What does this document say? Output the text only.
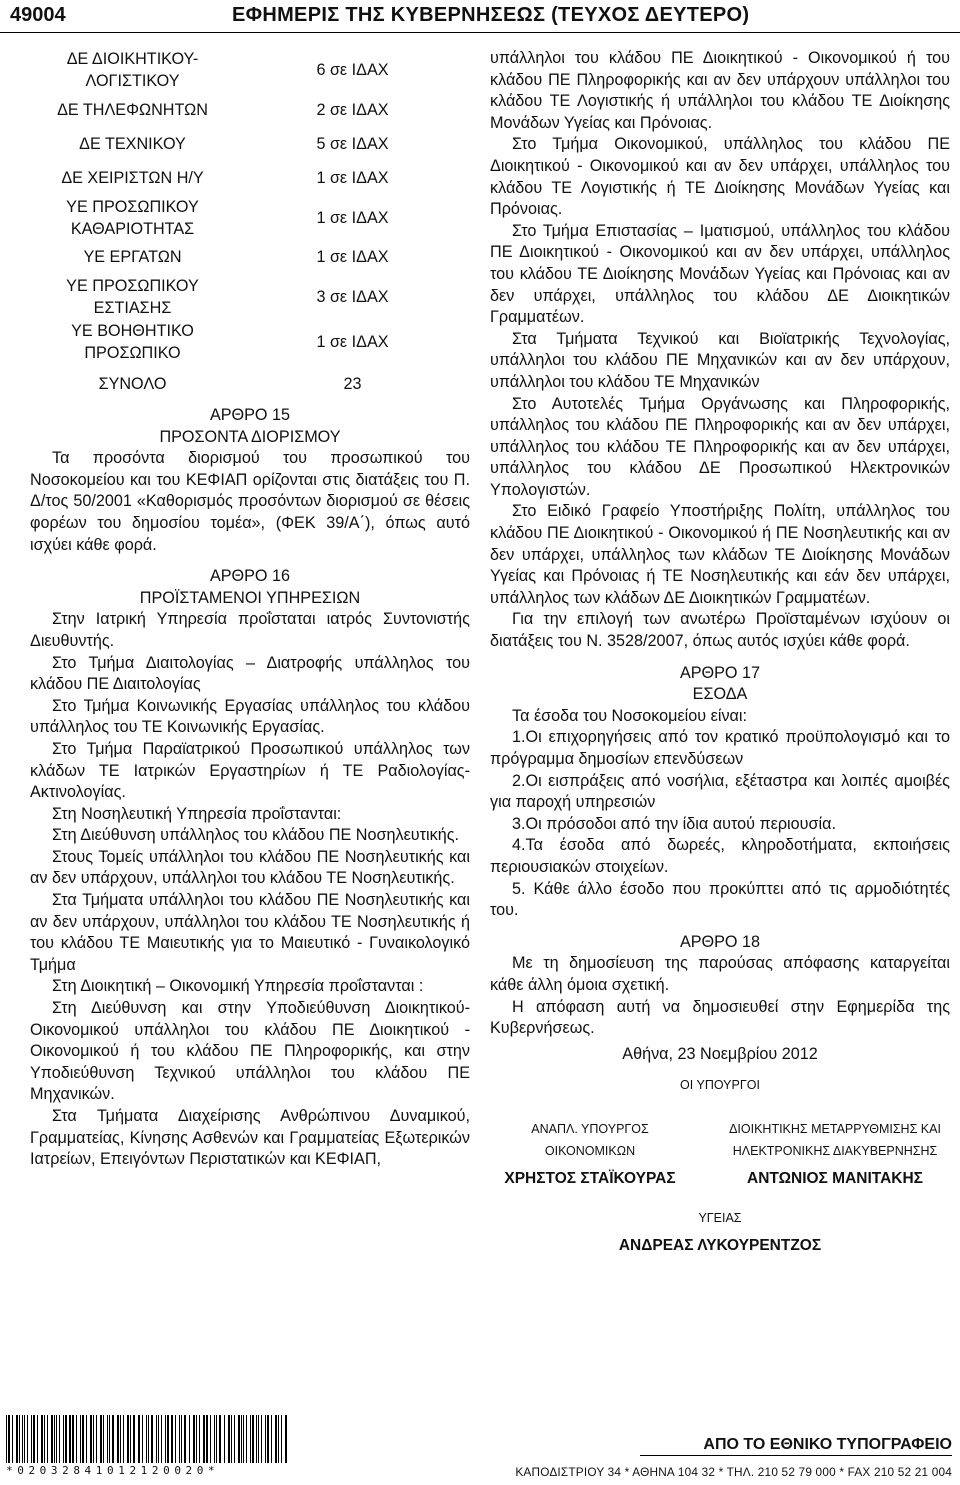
49004	ΕΦΗΜΕΡΙΣ ΤΗΣ ΚΥΒΕΡΝΗΣΕΩΣ (ΤΕΥΧΟΣ ΔΕΥΤΕΡΟ)
ΔΕ ΔΙΟΙΚΗΤΙΚΟΥ-ΛΟΓΙΣΤΙΚΟΥ	6 σε ΙΔΑΧ
ΔΕ ΤΗΛΕΦΩΝΗΤΩΝ	2 σε ΙΔΑΧ
ΔΕ ΤΕΧΝΙΚΟΥ	5 σε ΙΔΑΧ
ΔΕ ΧΕΙΡΙΣΤΩΝ Η/Υ	1 σε ΙΔΑΧ
ΥΕ ΠΡΟΣΩΠΙΚΟΥ ΚΑΘΑΡΙΟΤΗΤΑΣ	1 σε ΙΔΑΧ
ΥΕ ΕΡΓΑΤΩΝ	1 σε ΙΔΑΧ
ΥΕ ΠΡΟΣΩΠΙΚΟΥ ΕΣΤΙΑΣΗΣ	3 σε ΙΔΑΧ
ΥΕ ΒΟΗΘΗΤΙΚΟ ΠΡΟΣΩΠΙΚΟ	1 σε ΙΔΑΧ
ΣΥΝΟΛΟ	23
ΑΡΘΡΟ 15
ΠΡΟΣΟΝΤΑ ΔΙΟΡΙΣΜΟΥ

Τα προσόντα διορισμού του προσωπικού του Νοσοκομείου και του ΚΕΦΙΑΠ ορίζονται στις διατάξεις του Π. Δ/τος 50/2001 «Καθορισμός προσόντων διορισμού σε θέσεις φορέων του δημοσίου τομέα», (ΦΕΚ 39/Α΄), όπως αυτό ισχύει κάθε φορά.

ΑΡΘΡΟ 16
ΠΡΟΪΣΤΑΜΕΝΟΙ ΥΠΗΡΕΣΙΩΝ

Στην Ιατρική Υπηρεσία προΐσταται ιατρός Συντονιστής Διευθυντής.

Στο Τμήμα Διαιτολογίας – Διατροφής υπάλληλος του κλάδου ΠΕ Διαιτολογίας

Στο Τμήμα Κοινωνικής Εργασίας υπάλληλος του κλάδου υπάλληλος του ΤΕ Κοινωνικής Εργασίας.

Στο Τμήμα Παραϊατρικού Προσωπικού υπάλληλος των κλάδων ΤΕ Ιατρικών Εργαστηρίων ή ΤΕ Ραδιολογίας-Ακτινολογίας.

Στη Νοσηλευτική Υπηρεσία προΐστανται:

Στη Διεύθυνση υπάλληλος του κλάδου ΠΕ Νοσηλευτικής.

Στους Τομείς υπάλληλοι του κλάδου ΠΕ Νοσηλευτικής και αν δεν υπάρχουν, υπάλληλοι του κλάδου ΤΕ Νοσηλευτικής.

Στα Τμήματα υπάλληλοι του κλάδου ΠΕ Νοσηλευτικής και αν δεν υπάρχουν, υπάλληλοι του κλάδου ΤΕ Νοσηλευτικής ή του κλάδου ΤΕ Μαιευτικής για το Μαιευτικό - Γυναικολογικό Τμήμα

Στη Διοικητική – Οικονομική Υπηρεσία προΐστανται :

Στη Διεύθυνση και στην Υποδιεύθυνση Διοικητικού-Οικονομικού υπάλληλοι του κλάδου ΠΕ Διοικητικού - Οικονομικού ή του κλάδου ΠΕ Πληροφορικής, και στην Υποδιεύθυνση Τεχνικού υπάλληλοι του κλάδου ΠΕ Μηχανικών.

Στα Τμήματα Διαχείρισης Ανθρώπινου Δυναμικού, Γραμματείας, Κίνησης Ασθενών και Γραμματείας Εξωτερικών Ιατρείων, Επειγόντων Περιστατικών και ΚΕΦΙΑΠ,

υπάλληλοι του κλάδου ΠΕ Διοικητικού - Οικονομικού ή του κλάδου ΠΕ Πληροφορικής και αν δεν υπάρχουν υπάλληλοι του κλάδου ΤΕ Λογιστικής ή υπάλληλοι του κλάδου ΤΕ Διοίκησης Μονάδων Υγείας και Πρόνοιας.

Στο Τμήμα Οικονομικού, υπάλληλος του κλάδου ΠΕ Διοικητικού - Οικονομικού και αν δεν υπάρχει, υπάλληλος του κλάδου ΤΕ Λογιστικής ή ΤΕ Διοίκησης Μονάδων Υγείας και Πρόνοιας.

Στο Τμήμα Επιστασίας – Ιματισμού, υπάλληλος του κλάδου ΠΕ Διοικητικού - Οικονομικού και αν δεν υπάρχει, υπάλληλος του κλάδου ΤΕ Διοίκησης Μονάδων Υγείας και Πρόνοιας και αν δεν υπάρχει, υπάλληλος του κλάδου ΔΕ Διοικητικών Γραμματέων.

Στα Τμήματα Τεχνικού και Βιοϊατρικής Τεχνολογίας, υπάλληλοι του κλάδου ΠΕ Μηχανικών και αν δεν υπάρχουν, υπάλληλοι του κλάδου ΤΕ Μηχανικών

Στο Αυτοτελές Τμήμα Οργάνωσης και Πληροφορικής, υπάλληλος του κλάδου ΠΕ Πληροφορικής και αν δεν υπάρχει, υπάλληλος του κλάδου ΤΕ Πληροφορικής και αν δεν υπάρχει, υπάλληλος του κλάδου ΔΕ Προσωπικού Ηλεκτρονικών Υπολογιστών.

Στο Ειδικό Γραφείο Υποστήριξης Πολίτη, υπάλληλος του κλάδου ΠΕ Διοικητικού - Οικονομικού ή ΠΕ Νοσηλευτικής και αν δεν υπάρχει, υπάλληλος των κλάδων ΤΕ Διοίκησης Μονάδων Υγείας και Πρόνοιας ή ΤΕ Νοσηλευτικής και εάν δεν υπάρχει, υπάλληλος των κλάδων ΔΕ Διοικητικών Γραμματέων.

Για την επιλογή των ανωτέρω Προϊσταμένων ισχύουν οι διατάξεις του Ν. 3528/2007, όπως αυτός ισχύει κάθε φορά.

ΑΡΘΡΟ 17
ΕΣΟΔΑ

Τα έσοδα του Νοσοκομείου είναι:

1.Οι επιχορηγήσεις από τον κρατικό προϋπολογισμό και το πρόγραμμα δημοσίων επενδύσεων

2.Οι εισπράξεις από νοσήλια, εξέταστρα και λοιπές αμοιβές για παροχή υπηρεσιών

3.Οι πρόσοδοι από την ίδια αυτού περιουσία.

4.Τα έσοδα από δωρεές, κληροδοτήματα, εκποιήσεις περιουσιακών στοιχείων.

5. Κάθε άλλο έσοδο που προκύπτει από τις αρμοδιότητές του.

ΑΡΘΡΟ 18

Με τη δημοσίευση της παρούσας απόφασης καταργείται κάθε άλλη όμοια σχετική.

Η απόφαση αυτή να δημοσιευθεί στην Εφημερίδα της Κυβερνήσεως.

Αθήνα, 23 Νοεμβρίου 2012
ΟΙ ΥΠΟΥΡΓΟΙ
ΑΝΑΠΛ. ΥΠΟΥΡΓΟΣ ΟΙΚΟΝΟΜΙΚΩΝ
ΧΡΗΣΤΟΣ ΣΤΑΪΚΟΥΡΑΣ
ΔΙΟΙΚΗΤΙΚΗΣ ΜΕΤΑΡΡΥΘΜΙΣΗΣ ΚΑΙ ΗΛΕΚΤΡΟΝΙΚΗΣ ΔΙΑΚΥΒΕΡΝΗΣΗΣ
ΑΝΤΩΝΙΟΣ ΜΑΝΙΤΑΚΗΣ
ΥΓΕΙΑΣ
ΑΝΔΡΕΑΣ ΛΥΚΟΥΡΕΝΤΖΟΣ
*02032841012120020*
ΑΠΟ ΤΟ ΕΘΝΙΚΟ ΤΥΠΟΓΡΑΦΕΙΟ
ΚΑΠΟΔΙΣΤΡΙΟΥ 34 * ΑΘΗΝΑ 104 32 * ΤΗΛ. 210 52 79 000 * FAX 210 52 21 004
